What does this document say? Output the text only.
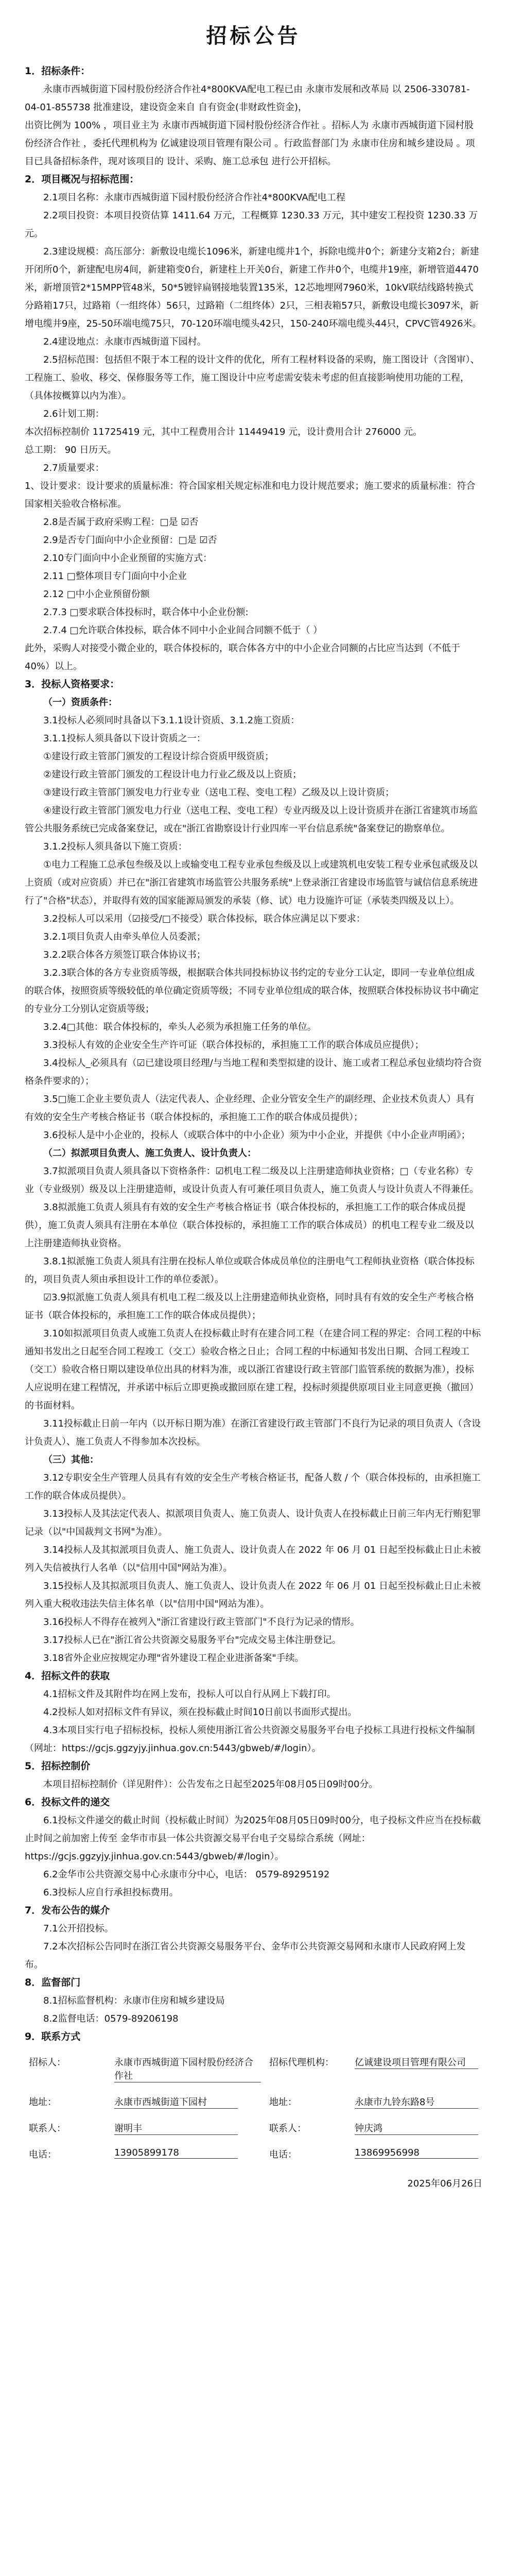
招标公告

1．招标条件：

永康市西城街道下园村股份经济合作社4*800KVA配电工程已由 永康市发展和改革局 以 2506-330781-04-01-855738 批准建设，建设资金来自 自有资金(非财政性资金)，

出资比例为 100% ，项目业主为 永康市西城街道下园村股份经济合作社 。招标人为 永康市西城街道下园村股份经济合作社 ，委托代理机构为 亿诚建设项目管理有限公司 。行政监督部门为 永康市住房和城乡建设局 。项目已具备招标条件，现对该项目的 设计、采购、施工总承包 进行公开招标。

2．项目概况与招标范围：

2.1项目名称：永康市西城街道下园村股份经济合作社4*800KVA配电工程

2.2项目投资：本项目投资估算 1411.64 万元，工程概算 1230.33 万元，其中建安工程投资 1230.33 万元。

2.3建设规模：高压部分：新敷设电缆长1096米，新建电缆井1个，拆除电缆井0个；新建分支箱2台；新建开闭所0个，新建配电房4间，新建箱变0台，新建柱上开关0台，新建工作井0个，电缆井19座，新增管道4470米，新增顶管2*15MPP管48米，50*5镀锌扁钢接地装置135米，12芯地埋网7960米，10kV联结线路转换式分路箱17只，过路箱（一组终体）56只，过路箱（二组终体）2只，三相表箱57只，新敷设电缆长3097米，新增电缆井9座，25-50环端电缆75只，70-120环端电缆头42只，150-240环端电缆头44只，CPVC管4926米。

2.4建设地点：永康市西城街道下园村。

2.5招标范围：包括但不限于本工程的设计文件的优化，所有工程材料设备的采购，施工图设计（含图审）、工程施工、验收、移交、保修服务等工作，施工图设计中应考虑需安装未考虑的但直接影响使用功能的工程，（具体按概算以内为准）。

2.6计划工期：

本次招标控制价 11725419 元，其中工程费用合计 11449419 元，设计费用合计 276000 元。

总工期： 90 日历天。

2.7质量要求：

1、设计要求：设计要求的质量标准：符合国家相关规定标准和电力设计规范要求；施工要求的质量标准：符合国家相关验收合格标准。

2.8是否属于政府采购工程：□是 ☑否

2.9是否专门面向中小企业预留：□是 ☑否

2.10专门面向中小企业预留的实施方式：

2.11 □整体项目专门面向中小企业

2.12 □中小企业预留份额

2.7.3 □要求联合体投标时，联合体中小企业份额:

2.7.4 □允许联合体投标，联合体不同中小企业间合同额不低于（ ）

此外，采购人对接受小微企业的，联合体投标的，联合体各方中的中小企业合同额的占比应当达到（不低于40%）以上。

3．投标人资格要求：

（一）资质条件：

3.1投标人必须同时具备以下3.1.1设计资质、3.1.2施工资质：

3.1.1投标人须具备以下设计资质之一：

①建设行政主管部门颁发的工程设计综合资质甲级资质；

②建设行政主管部门颁发的工程设计电力行业乙级及以上资质；

③建设行政主管部门颁发电力行业专业（送电工程、变电工程）乙级及以上设计资质；

④建设行政主管部门颁发电力行业（送电工程、变电工程）专业丙级及以上设计资质并在浙江省建筑市场监管公共服务系统已完成备案登记，或在"浙江省勘察设计行业四库一平台信息系统"备案登记的勘察单位。

3.1.2投标人须具备以下施工资质：

①电力工程施工总承包叁级及以上或输变电工程专业承包叁级及以上或建筑机电安装工程专业承包贰级及以上资质（或对应资质）并已在"浙江省建筑市场监管公共服务系统"上登录浙江省建设市场监管与诚信信息系统进行了"合格"状态），并取得有效的国家能源局颁发的承装（修、试）电力设施许可证（承装类四级及以上）。

3.2投标人可以采用（☑接受/□不接受）联合体投标，联合体应满足以下要求：

3.2.1项目负责人由牵头单位人员委派；

3.2.2联合体各方须签订联合体协议书；

3.2.3联合体的各方专业资质等级，根据联合体共同投标协议书约定的专业分工认定，即同一专业单位组成的联合体，按照资质等级较低的单位确定资质等级；不同专业单位组成的联合体，按照联合体投标协议书中确定的专业分工分别认定资质等级；

3.2.4□其他：联合体投标的，牵头人必须为承担施工任务的单位。

3.3投标人有效的企业安全生产许可证（联合体投标的，承担施工工作的联合体成员应提供）；

3.4投标人_必须具有（☑已建设项目经理/与当地工程和类型拟建的设计、施工或者工程总承包业绩均符合资格条件要求的）；

3.5□施工企业主要负责人（法定代表人、企业经理、企业分管安全生产的副经理、企业技术负责人）具有有效的安全生产考核合格证书（联合体投标的，承担施工工作的联合体成员提供）；

3.6投标人是中小企业的，投标人（或联合体中的中小企业）须为中小企业，并提供《中小企业声明函》；

（二）拟派项目负责人、施工负责人、设计负责人：

3.7拟派项目负责人须具备以下资格条件：☑机电工程二级及以上注册建造师执业资格；□（专业名称）专业（专业级别）级及以上注册建造师，或设计负责人有可兼任项目负责人，施工负责人与设计负责人不得兼任。

3.8拟派施工负责人须具有有效的安全生产考核合格证书（联合体投标的，承担施工工作的联合体成员提供），施工负责人须具有注册在本单位（联合体投标的，承担施工工作的联合体成员）的机电工程专业二级及以上注册建造师执业资格。

3.8.1拟派施工负责人须具有注册在投标人单位或联合体成员单位的注册电气工程师执业资格（联合体投标的，项目负责人须由承担设计工作的单位委派）。

☑3.9拟派施工负责人须具有机电工程二级及以上注册建造师执业资格，同时具有有效的安全生产考核合格证书（联合体投标的，承担施工工作的联合体成员提供）；

3.10如拟派项目负责人或施工负责人在投标截止时有在建合同工程（在建合同工程的界定：合同工程的中标通知书发出之日起至合同工程竣工（交工）验收合格之日止；合同工程的中标通知书发出日期、合同工程竣工（交工）验收合格日期以建设单位出具的材料为准，或以浙江省建设行政主管部门监管系统的数据为准），投标人应说明在建工程情况，并承诺中标后立即更换或撤回原在建工程，投标时须提供原项目业主同意更换（撤回）的书面材料。

3.11投标截止日前一年内（以开标日期为准）在浙江省建设行政主管部门不良行为记录的项目负责人（含设计负责人）、施工负责人不得参加本次投标。

（三）其他：

3.12专职安全生产管理人员具有有效的安全生产考核合格证书，配备人数 / 个（联合体投标的，由承担施工工作的联合体成员提供）。

3.13投标人及其法定代表人、拟派项目负责人、施工负责人、设计负责人在投标截止日前三年内无行贿犯罪记录（以"中国裁判文书网"为准）。

3.14投标人及其拟派项目负责人、施工负责人、设计负责人在 2022 年 06 月 01 日起至投标截止日止未被列入失信被执行人名单（以"信用中国"网站为准）。

3.15投标人及其拟派项目负责人、施工负责人、设计负责人在 2022 年 06 月 01 日起至投标截止日止未被列入重大税收违法失信主体名单（以"信用中国"网站为准）。

3.16投标人不得存在被列入"浙江省建设行政主管部门"不良行为记录的情形。

3.17投标人已在"浙江省公共资源交易服务平台"完成交易主体注册登记。

3.18省外企业应按规定办理"省外建设工程企业进浙备案"手续。

4．招标文件的获取

4.1招标文件及其附件均在网上发布，投标人可以自行从网上下载打印。

4.2投标人如对招标文件有异议，须在投标截止时间10日前以书面形式提出。

4.3本项目实行电子招标投标，投标人须使用浙江省公共资源交易服务平台电子投标工具进行投标文件编制（网址：https://gcjs.ggzyjy.jinhua.gov.cn:5443/gbweb/#/login）。

5．招标控制价

本项目招标控制价（详见附件）：公告发布之日起至2025年08月05日09时00分。

6．投标文件的递交

6.1投标文件递交的截止时间（投标截止时间）为2025年08月05日09时00分，电子投标文件应当在投标截止时间之前加密上传至 金华市市县一体公共资源交易平台电子交易综合系统（网址：https://gcjs.ggzyjy.jinhua.gov.cn:5443/gbweb/#/login）。

6.2金华市公共资源交易中心永康市分中心，电话： 0579-89295192

6.3投标人应自行承担投标费用。

7．发布公告的媒介

7.1公开招投标。

7.2本次招标公告同时在浙江省公共资源交易服务平台、金华市公共资源交易网和永康市人民政府网上发布。

8．监督部门

8.1招标监督机构：永康市住房和城乡建设局

8.2监督电话：0579-89206198

9．联系方式

招标人：	永康市西城街道下园村股份经济合作社	招标代理机构：	亿诚建设项目管理有限公司
地址：	永康市西城街道下园村	地址：	永康市九铃东路8号
联系人：	谢明丰	联系人：	钟庆鸿
电话：	13905899178	电话：	13869956998
2025年06月26日
